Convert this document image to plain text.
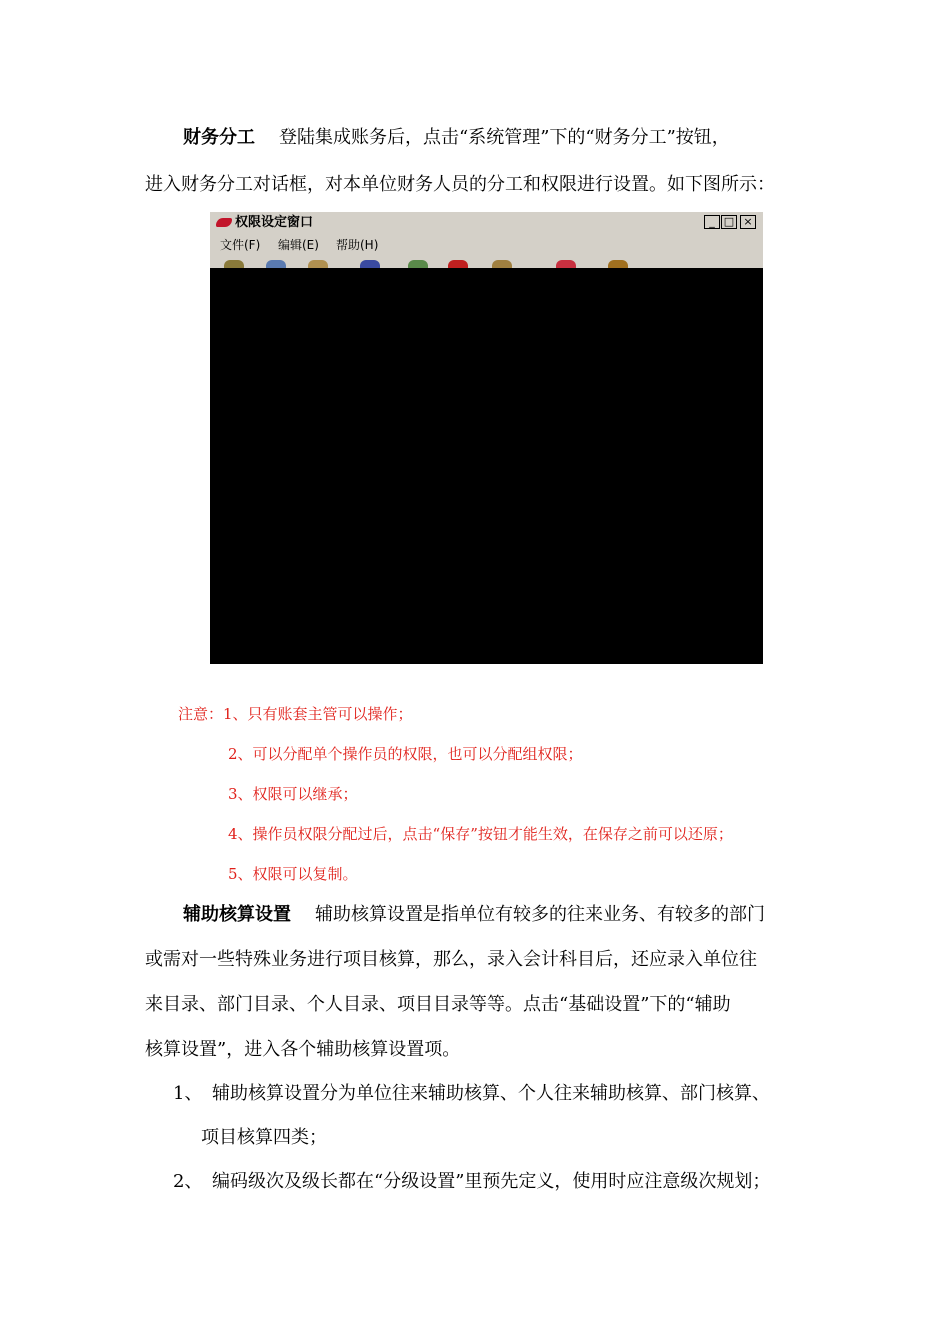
财务分工 登陆集成账务后，点击“系统管理”下的“财务分工”按钮，
进入财务分工对话框，对本单位财务人员的分工和权限进行设置。如下图所示：
权限设定窗口	_ □ ×
文件(F) 编辑(E) 帮助(H)
注意：1、只有账套主管可以操作；
2、可以分配单个操作员的权限，也可以分配组权限；
3、权限可以继承；
4、操作员权限分配过后，点击“保存”按钮才能生效，在保存之前可以还原；
5、权限可以复制。
辅助核算设置 辅助核算设置是指单位有较多的往来业务、有较多的部门
或需对一些特殊业务进行项目核算，那么，录入会计科目后，还应录入单位往
来目录、部门目录、个人目录、项目目录等等。点击“基础设置”下的“辅助
核算设置”，进入各个辅助核算设置项。
1、 辅助核算设置分为单位往来辅助核算、个人往来辅助核算、部门核算、
项目核算四类；
2、 编码级次及级长都在“分级设置”里预先定义，使用时应注意级次规划；
